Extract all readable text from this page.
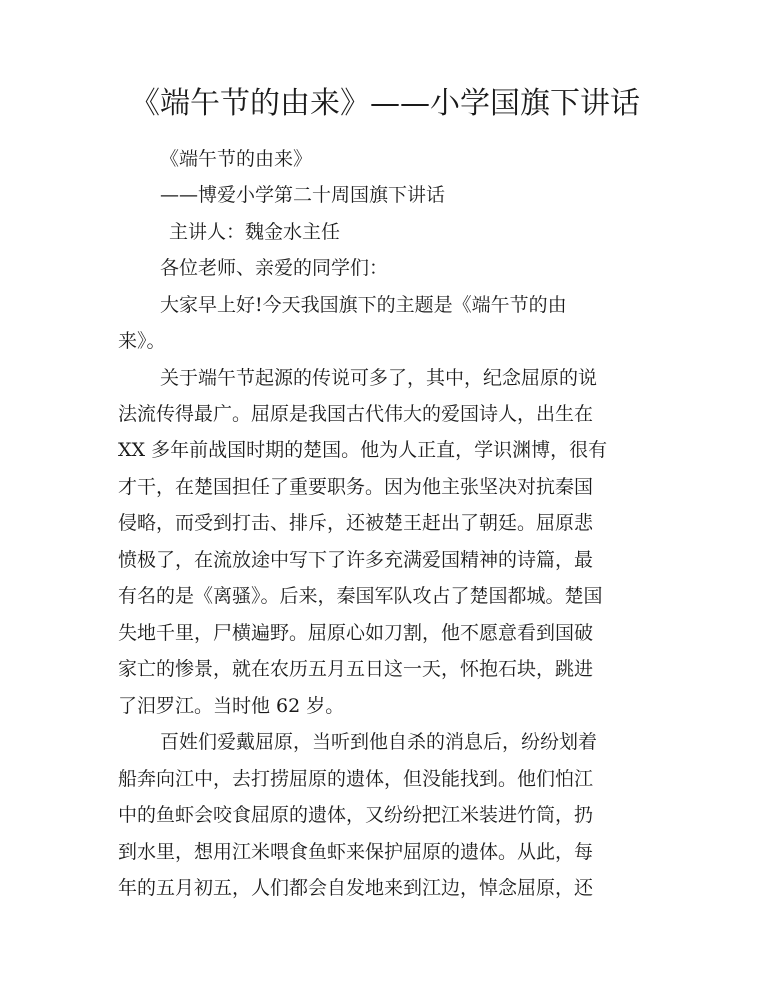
《端午节的由来》——小学国旗下讲话
《端午节的由来》
——博爱小学第二十周国旗下讲话
主讲人：魏金水主任
各位老师、亲爱的同学们：
大家早上好!今天我国旗下的主题是《端午节的由
来》。
关于端午节起源的传说可多了，其中，纪念屈原的说
法流传得最广。屈原是我国古代伟大的爱国诗人，出生在
XX 多年前战国时期的楚国。他为人正直，学识渊博，很有
才干，在楚国担任了重要职务。因为他主张坚决对抗秦国
侵略，而受到打击、排斥，还被楚王赶出了朝廷。屈原悲
愤极了，在流放途中写下了许多充满爱国精神的诗篇，最
有名的是《离骚》。后来，秦国军队攻占了楚国都城。楚国
失地千里，尸横遍野。屈原心如刀割，他不愿意看到国破
家亡的惨景，就在农历五月五日这一天，怀抱石块，跳进
了汨罗江。当时他 62 岁。
百姓们爱戴屈原，当听到他自杀的消息后，纷纷划着
船奔向江中，去打捞屈原的遗体，但没能找到。他们怕江
中的鱼虾会咬食屈原的遗体，又纷纷把江米装进竹筒，扔
到水里，想用江米喂食鱼虾来保护屈原的遗体。从此，每
年的五月初五，人们都会自发地来到江边，悼念屈原，还
